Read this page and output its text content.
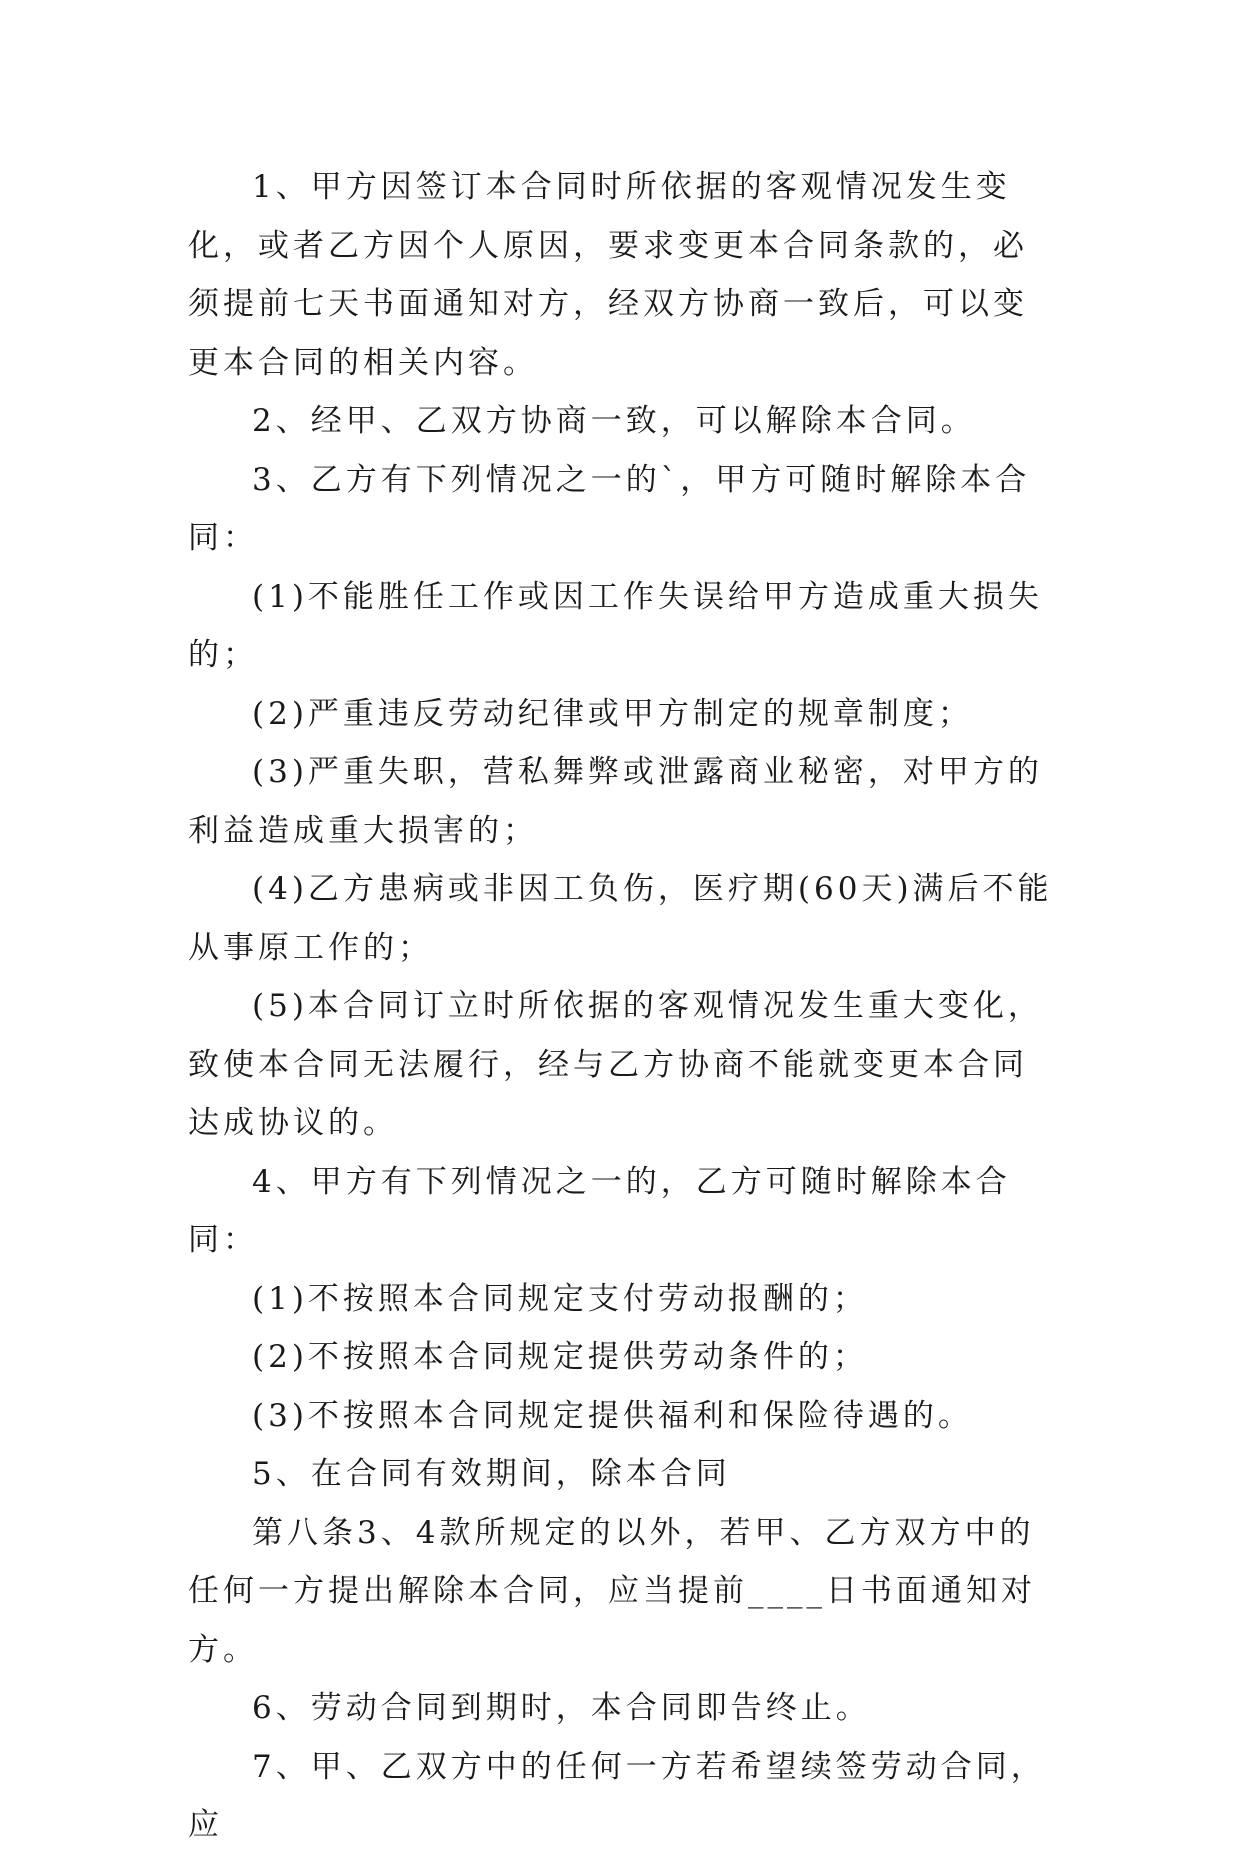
1、甲方因签订本合同时所依据的客观情况发生变化，或者乙方因个人原因，要求变更本合同条款的，必须提前七天书面通知对方，经双方协商一致后，可以变更本合同的相关内容。

2、经甲、乙双方协商一致，可以解除本合同。

3、乙方有下列情况之一的`，甲方可随时解除本合同：

(1)不能胜任工作或因工作失误给甲方造成重大损失的；

(2)严重违反劳动纪律或甲方制定的规章制度；

(3)严重失职，营私舞弊或泄露商业秘密，对甲方的利益造成重大损害的；

(4)乙方患病或非因工负伤，医疗期(60天)满后不能从事原工作的；

(5)本合同订立时所依据的客观情况发生重大变化，致使本合同无法履行，经与乙方协商不能就变更本合同达成协议的。

4、甲方有下列情况之一的，乙方可随时解除本合同：

(1)不按照本合同规定支付劳动报酬的；

(2)不按照本合同规定提供劳动条件的；

(3)不按照本合同规定提供福利和保险待遇的。

5、在合同有效期间，除本合同

第八条3、4款所规定的以外，若甲、乙方双方中的任何一方提出解除本合同，应当提前____日书面通知对方。

6、劳动合同到期时，本合同即告终止。

7、甲、乙双方中的任何一方若希望续签劳动合同，应
